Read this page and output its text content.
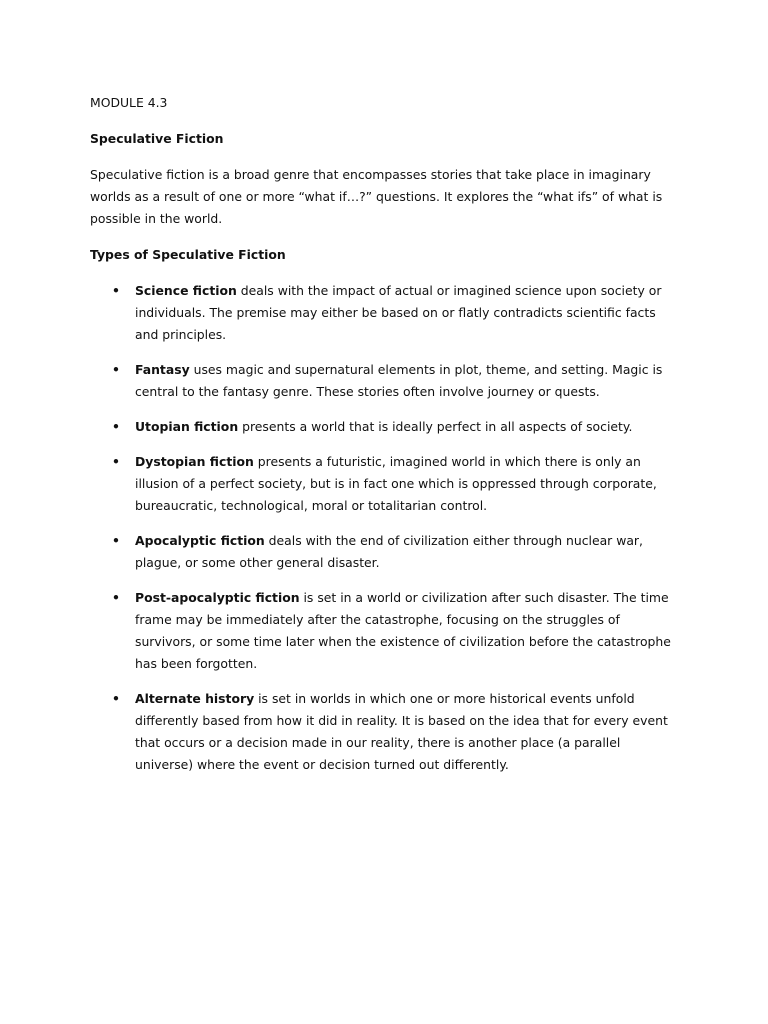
MODULE 4.3

Speculative Fiction

Speculative fiction is a broad genre that encompasses stories that take place in imaginary worlds as a result of one or more “what if…?” questions. It explores the “what ifs” of what is possible in the world.

Types of Speculative Fiction

• Science fiction deals with the impact of actual or imagined science upon society or individuals. The premise may either be based on or flatly contradicts scientific facts and principles.
• Fantasy uses magic and supernatural elements in plot, theme, and setting. Magic is central to the fantasy genre. These stories often involve journey or quests.
• Utopian fiction presents a world that is ideally perfect in all aspects of society.
• Dystopian fiction presents a futuristic, imagined world in which there is only an illusion of a perfect society, but is in fact one which is oppressed through corporate, bureaucratic, technological, moral or totalitarian control.
• Apocalyptic fiction deals with the end of civilization either through nuclear war, plague, or some other general disaster.
• Post-apocalyptic fiction is set in a world or civilization after such disaster. The time frame may be immediately after the catastrophe, focusing on the struggles of survivors, or some time later when the existence of civilization before the catastrophe has been forgotten.
• Alternate history is set in worlds in which one or more historical events unfold differently based from how it did in reality. It is based on the idea that for every event that occurs or a decision made in our reality, there is another place (a parallel universe) where the event or decision turned out differently.
